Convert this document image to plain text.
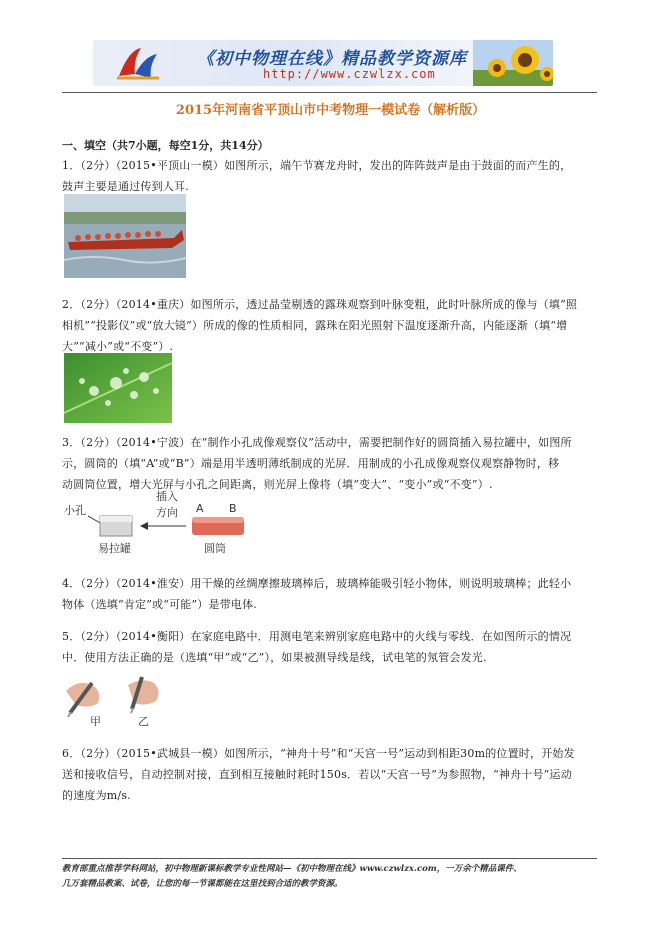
《初中物理在线》精品教学资源库
http://www.czwlzx.com
2015年河南省平顶山市中考物理一模试卷（解析版）
一、填空（共7小题，每空1分，共14分）
1．（2分）（2015•平顶山一模）如图所示，端午节赛龙舟时，发出的阵阵鼓声是由于鼓面的而产生的，
鼓声主要是通过传到人耳.
2．（2分）（2014•重庆）如图所示，透过晶莹剔透的露珠观察到叶脉变粗，此时叶脉所成的像与（填“照
相机”“投影仪”或“放大镜”）所成的像的性质相同，露珠在阳光照射下温度逐渐升高，内能逐渐（填“增
大”“减小”或“不变”）.
3．（2分）（2014•宁波）在“制作小孔成像观察仪”活动中，需要把制作好的圆筒插入易拉罐中，如图所
示，圆筒的（填“A”或“B”）端是用半透明薄纸制成的光屏．用制成的小孔成像观察仪观察静物时，移
动圆筒位置，增大光屏与小孔之间距离，则光屏上像将（填“变大”、“变小”或“不变”）.
小孔
插入
方向 A B
易拉罐	圆筒
4．（2分）（2014•淮安）用干燥的丝绸摩擦玻璃棒后，玻璃棒能吸引轻小物体，则说明玻璃棒；此轻小
物体（选填“肯定”或“可能”）是带电体.
5．（2分）（2014•衡阳）在家庭电路中．用测电笔来辨别家庭电路中的火线与零线．在如图所示的情况
中．使用方法正确的是（选填“甲”或“乙”），如果被测导线是线，试电笔的氖管会发光.
甲	乙
6．（2分）（2015•武城县一模）如图所示，“神舟十号”和“天宫一号”运动到相距30m的位置时，开始发
送和接收信号，自动控制对接，直到相互接触时耗时150s．若以“天宫一号”为参照物，“神舟十号”运动
的速度为m/s.
教育部重点推荐学科网站，初中物理新课标教学专业性网站—《初中物理在线》www.czwlzx.com，一万余个精品课件、
几万套精品教案、试卷，让您的每一节课都能在这里找到合适的教学资源。
